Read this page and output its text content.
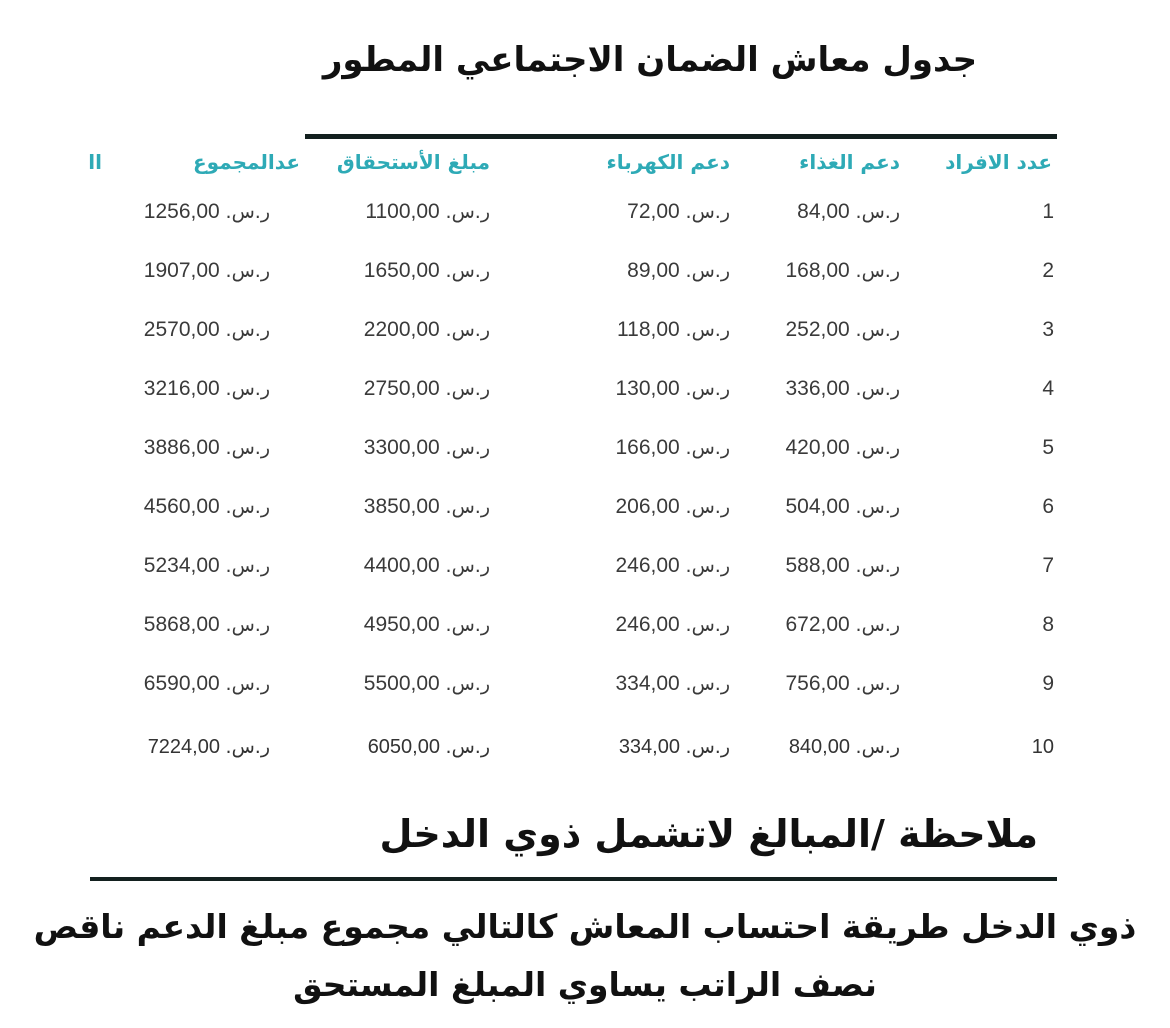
جدول معاش الضمان الاجتماعي المطور
عدد الافراد
دعم الغذاء
دعم الكهرباء
مبلغ الأستحقاق
عدالمجموع
اا
1
84,00 ر.س.
72,00 ر.س.
1100,00 ر.س.
1256,00 ر.س.
2
168,00 ر.س.
89,00 ر.س.
1650,00 ر.س.
1907,00 ر.س.
3
252,00 ر.س.
118,00 ر.س.
2200,00 ر.س.
2570,00 ر.س.
4
336,00 ر.س.
130,00 ر.س.
2750,00 ر.س.
3216,00 ر.س.
5
420,00 ر.س.
166,00 ر.س.
3300,00 ر.س.
3886,00 ر.س.
6
504,00 ر.س.
206,00 ر.س.
3850,00 ر.س.
4560,00 ر.س.
7
588,00 ر.س.
246,00 ر.س.
4400,00 ر.س.
5234,00 ر.س.
8
672,00 ر.س.
246,00 ر.س.
4950,00 ر.س.
5868,00 ر.س.
9
756,00 ر.س.
334,00 ر.س.
5500,00 ر.س.
6590,00 ر.س.
10
840,00 ر.س.
334,00 ر.س.
6050,00 ر.س.
7224,00 ر.س.
ملاحظة /المبالغ لاتشمل ذوي الدخل
ذوي الدخل طريقة احتساب المعاش كالتالي مجموع مبلغ الدعم ناقص نصف الراتب يساوي المبلغ المستحق
